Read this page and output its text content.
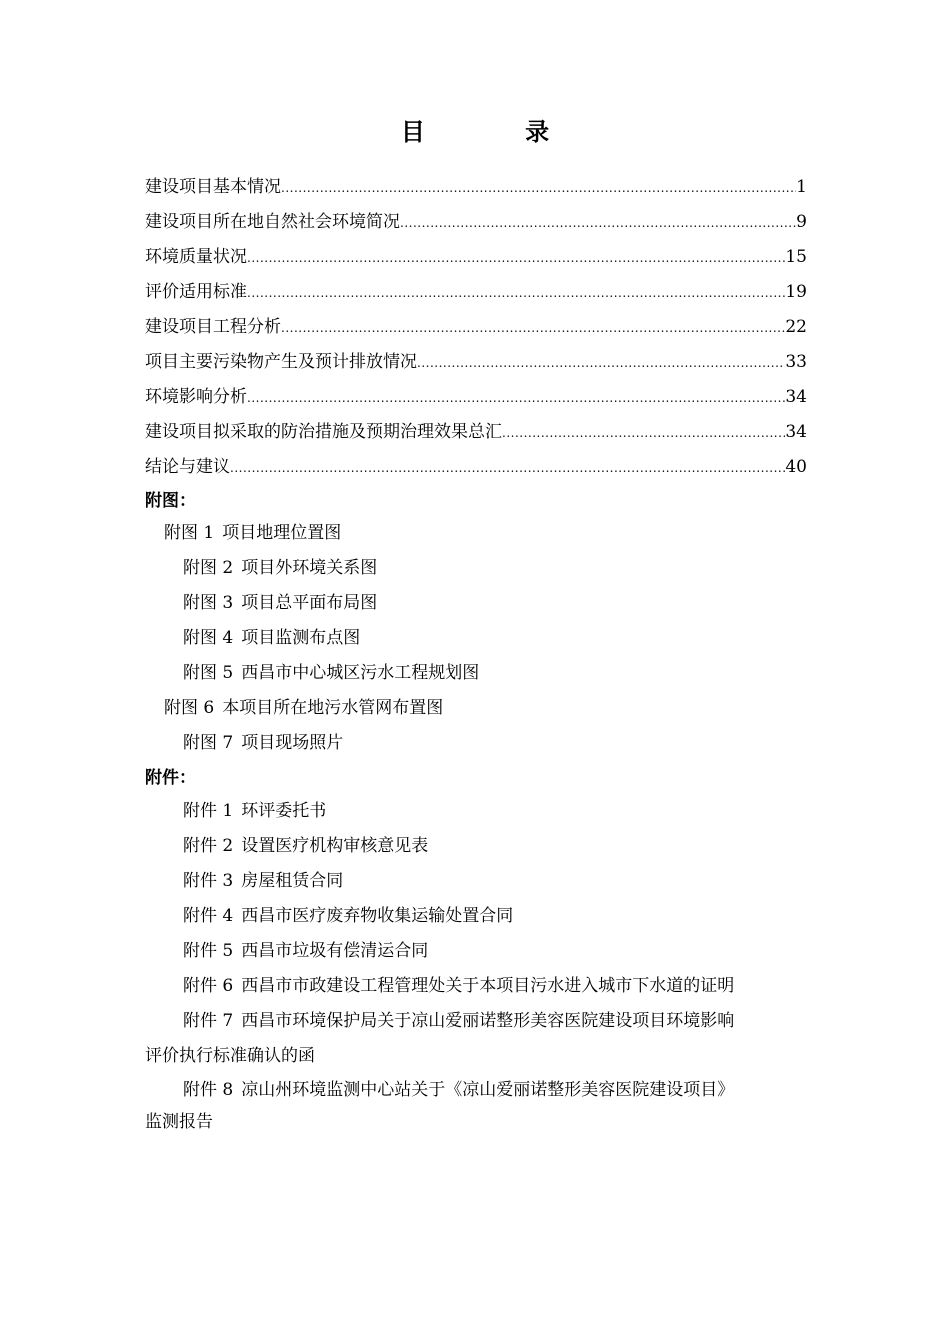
目 录
建设项目基本情况 .....	1
建设项目所在地自然社会环境简况 .....	9
环境质量状况 .....	15
评价适用标准 .....	19
建设项目工程分析 .....	22
项目主要污染物产生及预计排放情况 .....	33
环境影响分析 .....	34
建设项目拟采取的防治措施及预期治理效果总汇 .....	34
结论与建议 .....	40
附图：
附图 1 项目地理位置图
附图 2 项目外环境关系图
附图 3 项目总平面布局图
附图 4 项目监测布点图
附图 5 西昌市中心城区污水工程规划图
附图 6 本项目所在地污水管网布置图
附图 7 项目现场照片
附件：
附件 1 环评委托书
附件 2 设置医疗机构审核意见表
附件 3 房屋租赁合同
附件 4 西昌市医疗废弃物收集运输处置合同
附件 5 西昌市垃圾有偿清运合同
附件 6 西昌市市政建设工程管理处关于本项目污水进入城市下水道的证明
附件 7 西昌市环境保护局关于凉山爱丽诺整形美容医院建设项目环境影响
评价执行标准确认的函
附件 8 凉山州环境监测中心站关于《凉山爱丽诺整形美容医院建设项目》
监测报告
